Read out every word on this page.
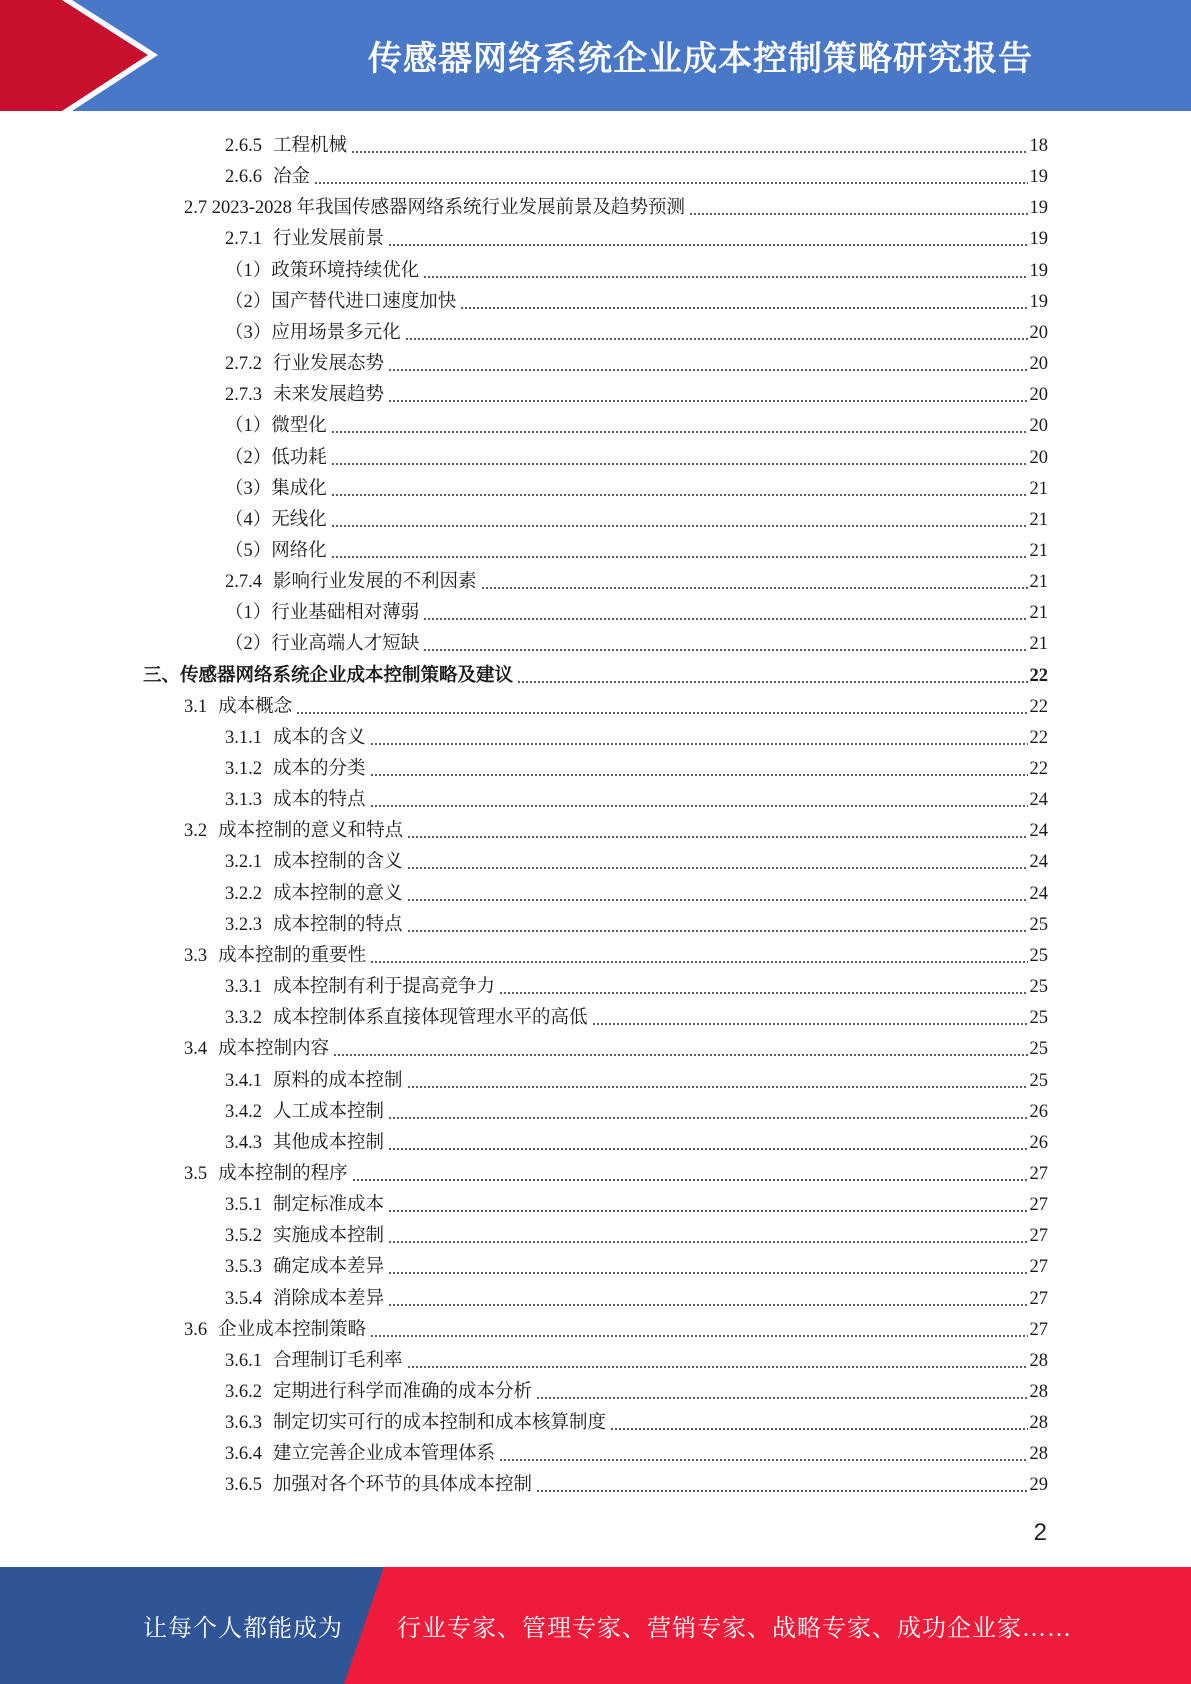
传感器网络系统企业成本控制策略研究报告
2.6.5 工程机械	18
2.6.6 冶金	19
2.7 2023-2028 年我国传感器网络系统行业发展前景及趋势预测	19
2.7.1 行业发展前景	19
（1）政策环境持续优化	19
（2）国产替代进口速度加快	19
（3）应用场景多元化	20
2.7.2 行业发展态势	20
2.7.3 未来发展趋势	20
（1）微型化	20
（2）低功耗	20
（3）集成化	21
（4）无线化	21
（5）网络化	21
2.7.4 影响行业发展的不利因素	21
（1）行业基础相对薄弱	21
（2）行业高端人才短缺	21
三、传感器网络系统企业成本控制策略及建议	22
3.1 成本概念	22
3.1.1 成本的含义	22
3.1.2 成本的分类	22
3.1.3 成本的特点	24
3.2 成本控制的意义和特点	24
3.2.1 成本控制的含义	24
3.2.2 成本控制的意义	24
3.2.3 成本控制的特点	25
3.3 成本控制的重要性	25
3.3.1 成本控制有利于提高竞争力	25
3.3.2 成本控制体系直接体现管理水平的高低	25
3.4 成本控制内容	25
3.4.1 原料的成本控制	25
3.4.2 人工成本控制	26
3.4.3 其他成本控制	26
3.5 成本控制的程序	27
3.5.1 制定标准成本	27
3.5.2 实施成本控制	27
3.5.3 确定成本差异	27
3.5.4 消除成本差异	27
3.6 企业成本控制策略	27
3.6.1 合理制订毛利率	28
3.6.2 定期进行科学而准确的成本分析	28
3.6.3 制定切实可行的成本控制和成本核算制度	28
3.6.4 建立完善企业成本管理体系	28
3.6.5 加强对各个环节的具体成本控制	29
2
让每个人都能成为 行业专家、管理专家、营销专家、战略专家、成功企业家……
